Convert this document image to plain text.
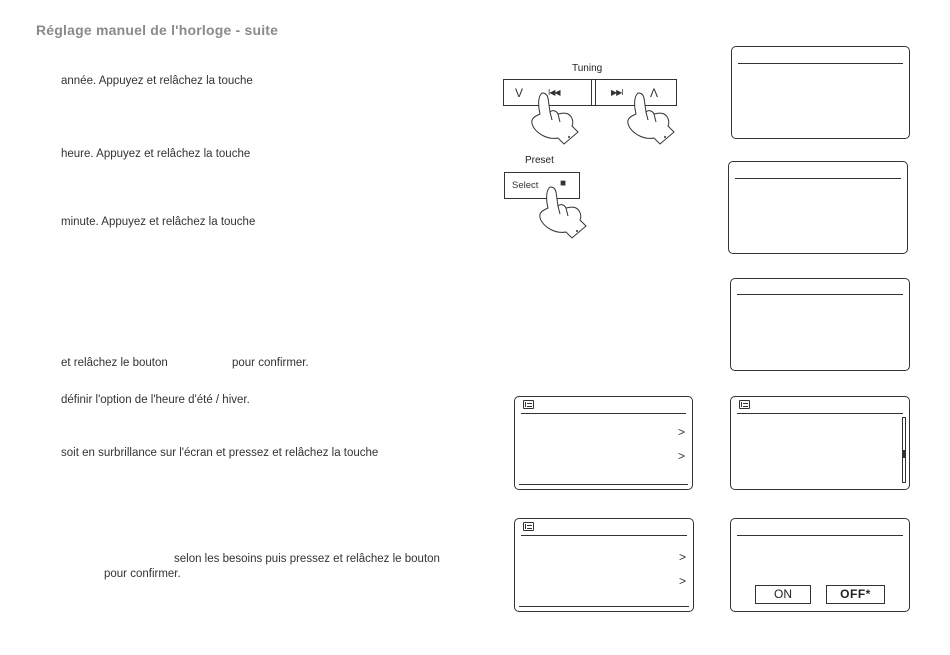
Réglage manuel de l'horloge - suite
année. Appuyez et relâchez la touche
heure. Appuyez et relâchez la touche
minute. Appuyez et relâchez la touche
et relâchez le bouton	pour confirmer.
définir l'option de l'heure d'été / hiver.
soit en surbrillance sur l'écran et pressez et relâchez la touche
selon les besoins puis pressez et relâchez le bouton
pour confirmer.
Tuning
V	I◀◀	▶▶I Λ
Preset
Select ■
>
>
>
>
ON	OFF*
